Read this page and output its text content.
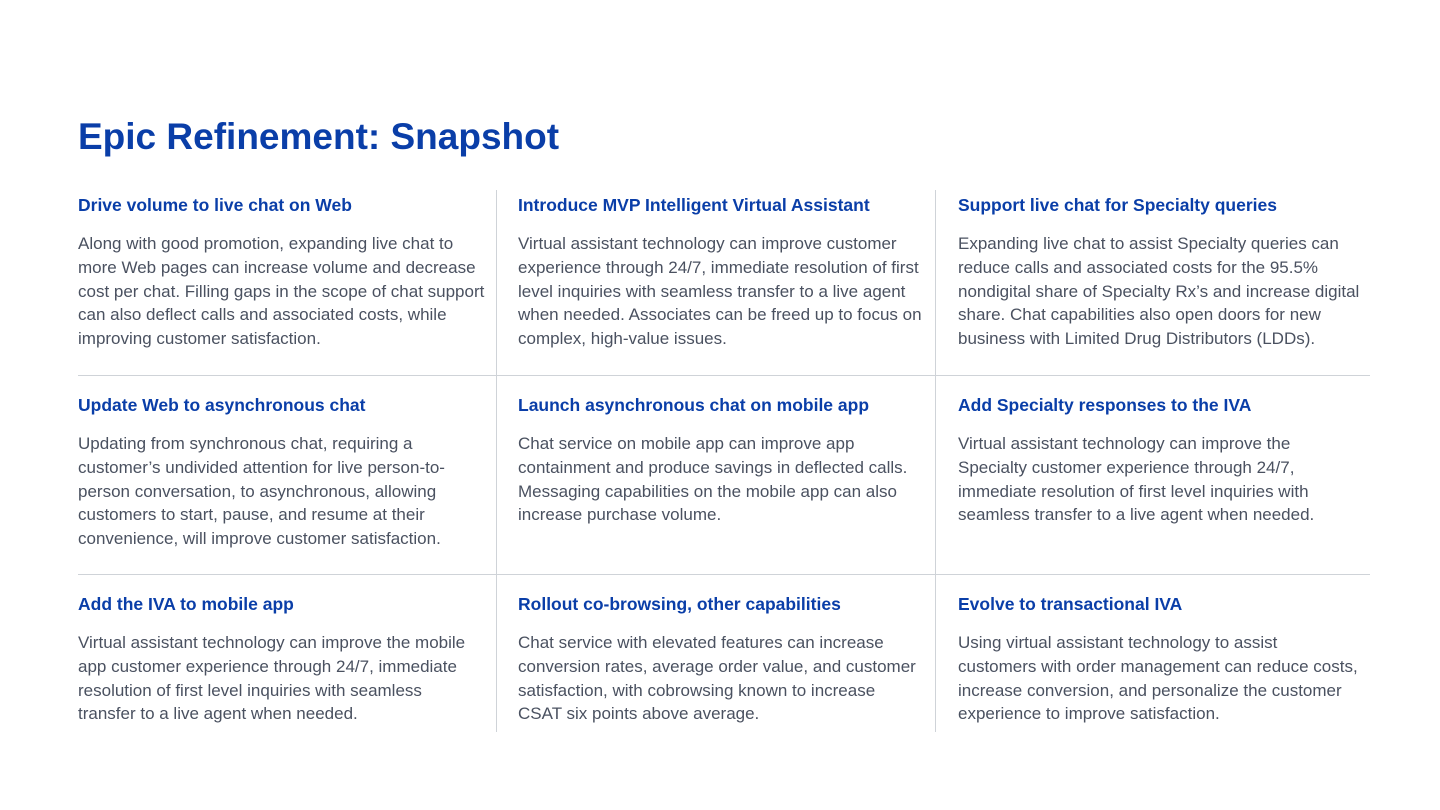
Epic Refinement: Snapshot
Drive volume to live chat on Web

Along with good promotion, expanding live chat to more Web pages can increase volume and decrease cost per chat. Filling gaps in the scope of chat support can also deflect calls and associated costs, while improving customer satisfaction.

Introduce MVP Intelligent Virtual Assistant

Virtual assistant technology can improve customer experience through 24/7, immediate resolution of first level inquiries with seamless transfer to a live agent when needed. Associates can be freed up to focus on complex, high-value issues.

Support live chat for Specialty queries

Expanding live chat to assist Specialty queries can reduce calls and associated costs for the 95.5% nondigital share of Specialty Rx’s and increase digital share. Chat capabilities also open doors for new business with Limited Drug Distributors (LDDs).

Update Web to asynchronous chat

Updating from synchronous chat, requiring a customer’s undivided attention for live person-to-person conversation, to asynchronous, allowing customers to start, pause, and resume at their convenience, will improve customer satisfaction.

Launch asynchronous chat on mobile app

Chat service on mobile app can improve app containment and produce savings in deflected calls. Messaging capabilities on the mobile app can also increase purchase volume.

Add Specialty responses to the IVA

Virtual assistant technology can improve the Specialty customer experience through 24/7, immediate resolution of first level inquiries with seamless transfer to a live agent when needed.

Add the IVA to mobile app

Virtual assistant technology can improve the mobile app customer experience through 24/7, immediate resolution of first level inquiries with seamless transfer to a live agent when needed.

Rollout co-browsing, other capabilities

Chat service with elevated features can increase conversion rates, average order value, and customer satisfaction, with cobrowsing known to increase CSAT six points above average.

Evolve to transactional IVA

Using virtual assistant technology to assist customers with order management can reduce costs, increase conversion, and personalize the customer experience to improve satisfaction.
